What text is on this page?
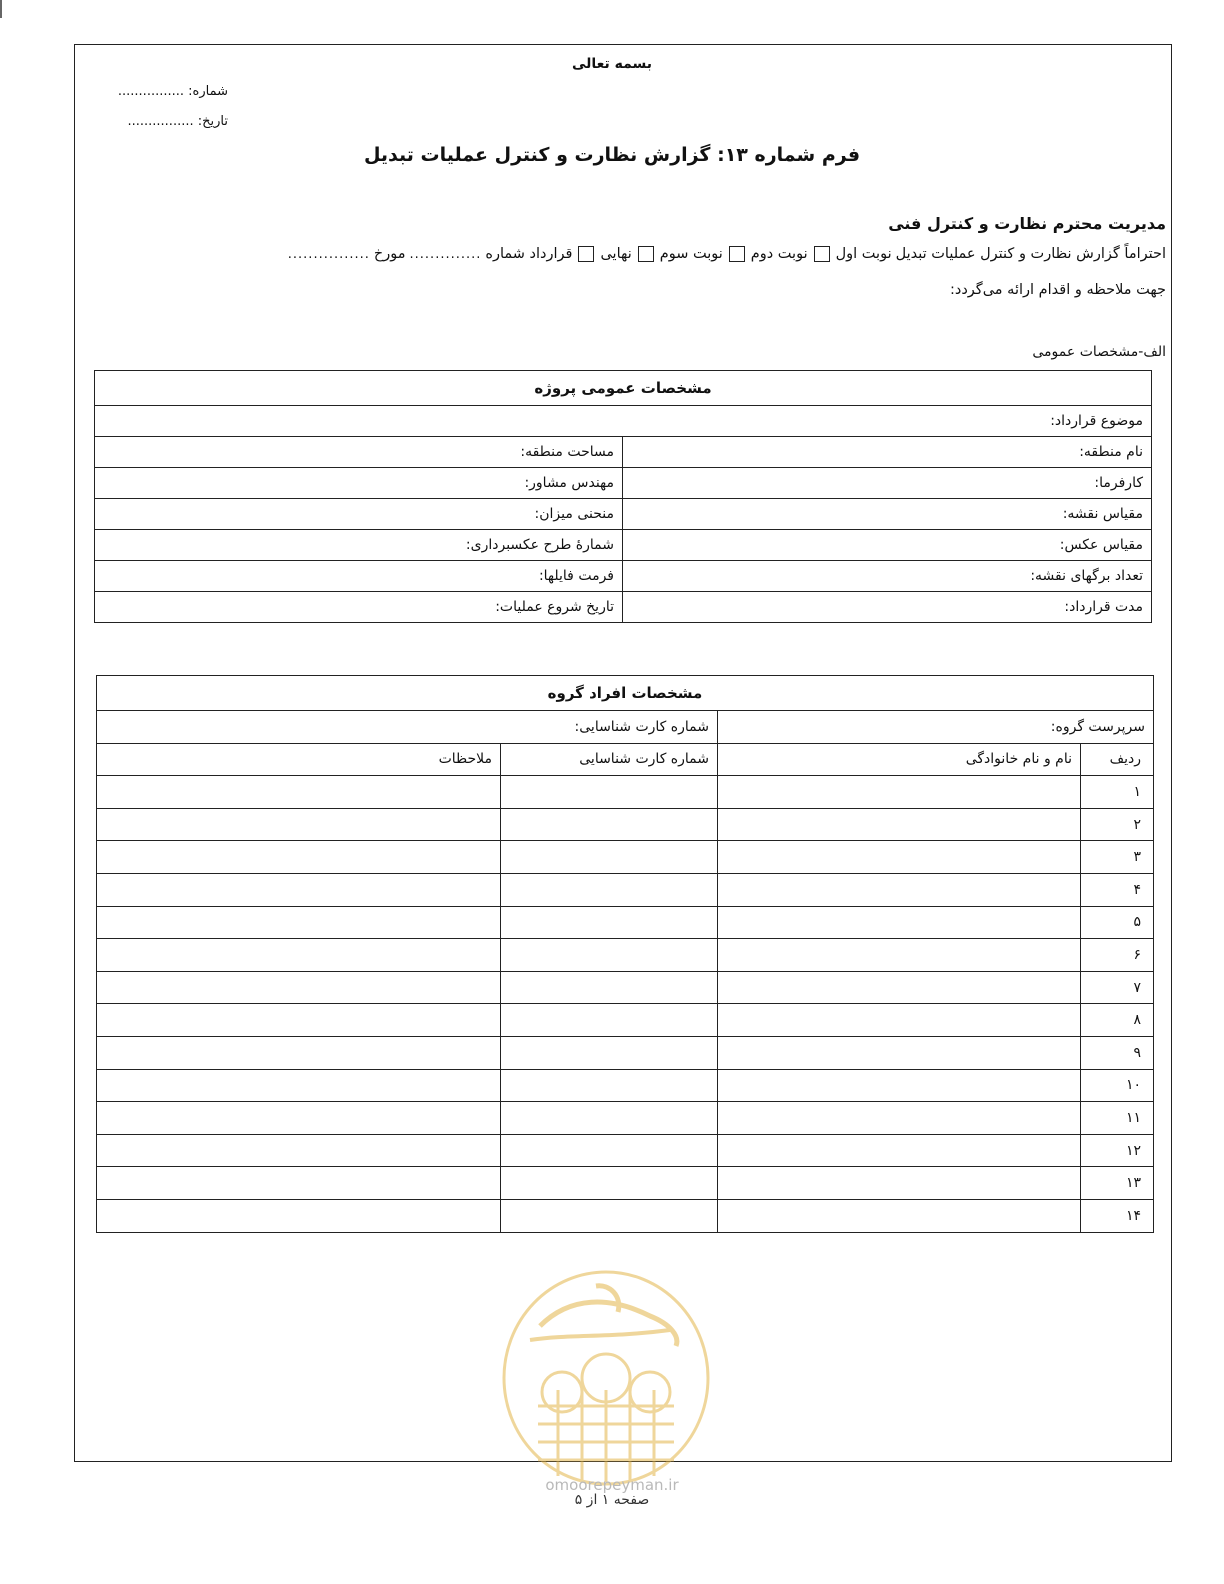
بسمه تعالی
شماره: ................
تاریخ: ................
فرم شماره ۱۳: گزارش نظارت و کنترل عملیات تبدیل
مدیریت محترم نظارت و کنترل فنی
احتراماً گزارش نظارت و کنترل عملیات تبدیل
نوبت اول
نوبت دوم
نوبت سوم
نهایی
قرارداد شماره
..............
مورخ
................
جهت ملاحظه و اقدام ارائه می‌گردد:
الف-مشخصات عمومی
مشخصات عمومی پروژه	
موضوع قرارداد:	
نام منطقه:	مساحت منطقه:
کارفرما:	مهندس مشاور:
مقیاس نقشه:	منحنی میزان:
مقیاس عکس:	شمارهٔ طرح عکسبرداری:
تعداد برگهای نقشه:	فرمت فایلها:
مدت قرارداد:	تاریخ شروع عملیات:
مشخصات افراد گروه			
سرپرست گروه:		شماره کارت شناسایی:	
ردیف	نام و نام خانوادگی	شماره کارت شناسایی	ملاحظات
۱			
۲			
۳			
۴			
۵			
۶			
۷			
۸			
۹			
۱۰			
۱۱			
۱۲			
۱۳			
۱۴			
omoorepeyman.ir
صفحه ۱ از ۵
